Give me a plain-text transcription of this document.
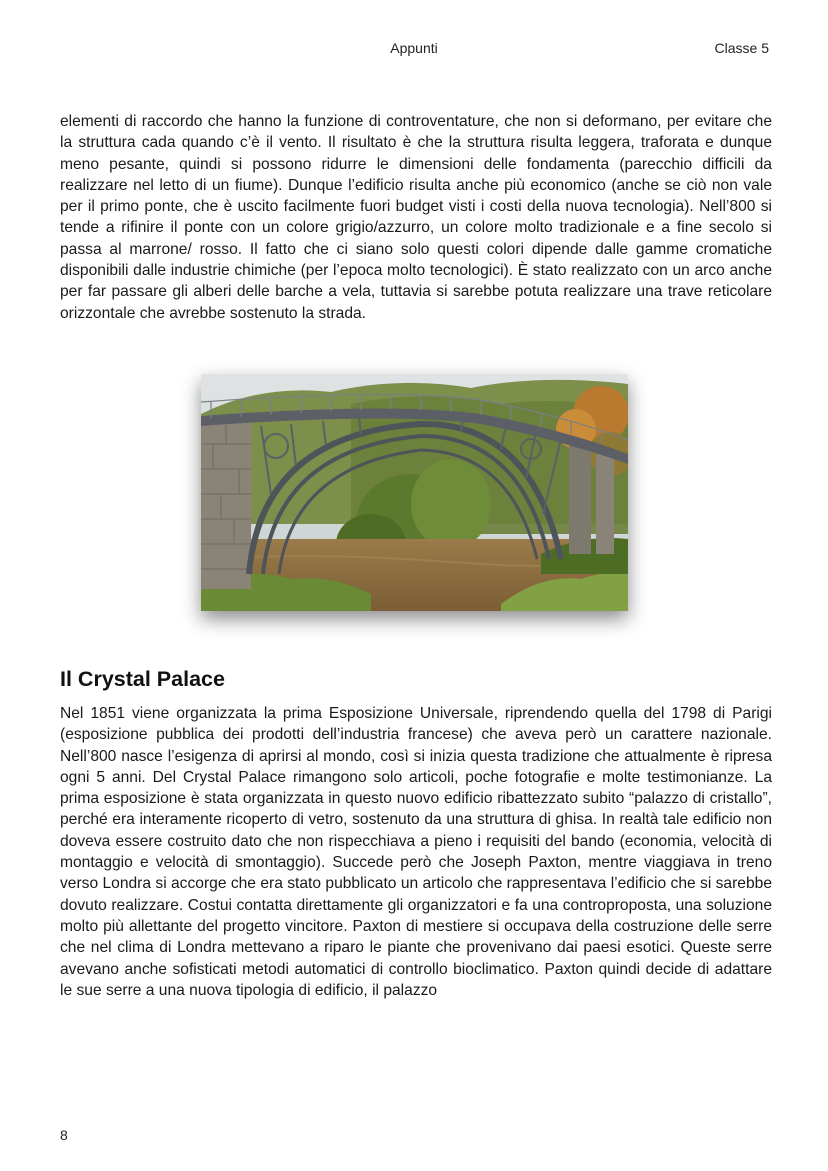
Appunti	Classe 5

elementi di raccordo che hanno la funzione di controventature, che non si deformano, per evitare che la struttura cada quando c’è il vento. Il risultato è che la struttura risulta leggera, traforata e dunque meno pesante, quindi si possono ridurre le dimensioni delle fondamenta (parecchio difficili da realizzare nel letto di un fiume). Dunque l’edificio risulta anche più economico (anche se ciò non vale per il primo ponte, che è uscito facilmente fuori budget visti i costi della nuova tecnologia). Nell’800 si tende a rifinire il ponte con un colore grigio/azzurro, un colore molto tradizionale e a fine secolo si passa al marrone/ rosso. Il fatto che ci siano solo questi colori dipende dalle gamme cromatiche disponibili dalle industrie chimiche (per l’epoca molto tecnologici). È stato realizzato con un arco anche per far passare gli alberi delle barche a vela, tuttavia si sarebbe potuta realizzare una trave reticolare orizzontale che avrebbe sostenuto la strada.

Il Crystal Palace

Nel 1851 viene organizzata la prima Esposizione Universale, riprendendo quella del 1798 di Parigi (esposizione pubblica dei prodotti dell’industria francese) che aveva però un carattere nazionale. Nell’800 nasce l’esigenza di aprirsi al mondo, così si inizia questa tradizione che attualmente è ripresa ogni 5 anni. Del Crystal Palace rimangono solo articoli, poche fotografie e molte testimonianze. La prima esposizione è stata organizzata in questo nuovo edificio ribattezzato subito “palazzo di cristallo”, perché era interamente ricoperto di vetro, sostenuto da una struttura di ghisa. In realtà tale edificio non doveva essere costruito dato che non rispecchiava a pieno i requisiti del bando (economia, velocità di montaggio e velocità di smontaggio). Succede però che Joseph Paxton, mentre viaggiava in treno verso Londra si accorge che era stato pubblicato un articolo che rappresentava l’edificio che si sarebbe dovuto realizzare. Costui contatta direttamente gli organizzatori e fa una controproposta, una soluzione molto più allettante del progetto vincitore. Paxton di mestiere si occupava della costruzione delle serre che nel clima di Londra mettevano a riparo le piante che provenivano dai paesi esotici. Queste serre avevano anche sofisticati metodi automatici di controllo bioclimatico. Paxton quindi decide di adattare le sue serre a una nuova tipologia di edificio, il palazzo

8
